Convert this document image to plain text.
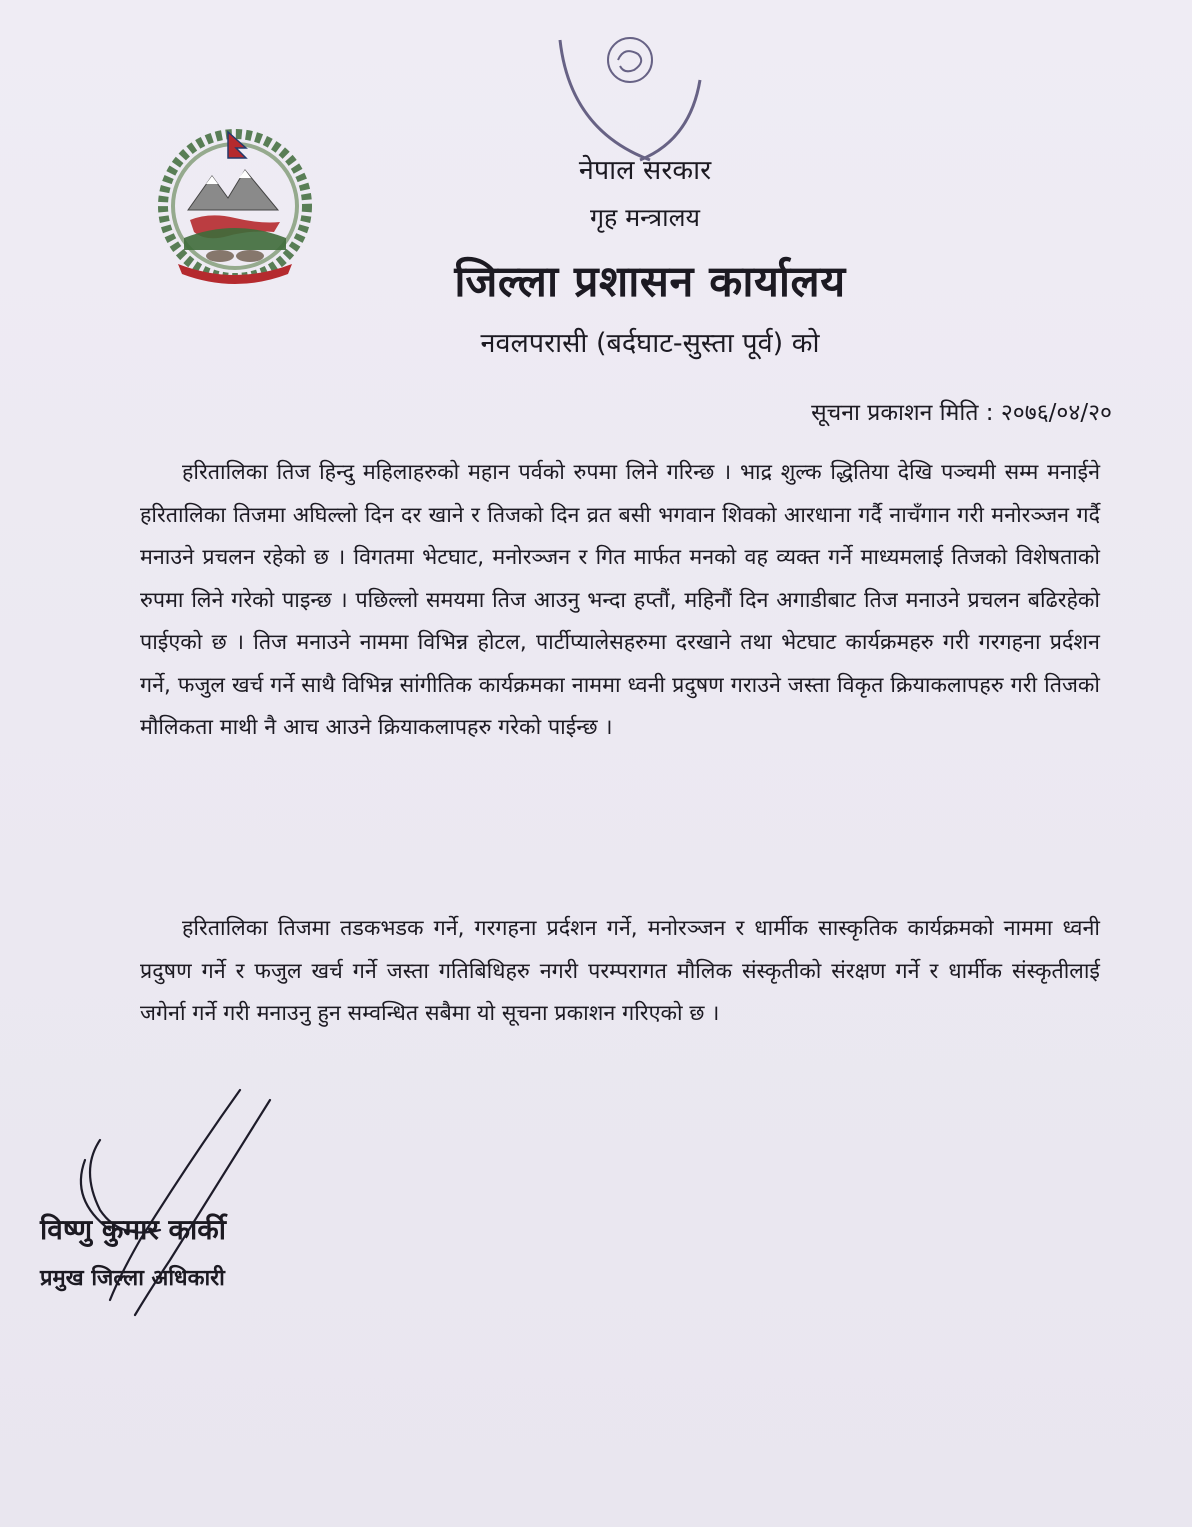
नेपाल सरकार
गृह मन्त्रालय
जिल्ला प्रशासन कार्यालय
नवलपरासी (बर्दघाट-सुस्ता पूर्व) को
सूचना प्रकाशन मिति : २०७६/०४/२०

हरितालिका तिज हिन्दु महिलाहरुको महान पर्वको रुपमा लिने गरिन्छ । भाद्र शुल्क द्धितिया देखि पञ्चमी सम्म मनाईने हरितालिका तिजमा अघिल्लो दिन दर खाने र तिजको दिन व्रत बसी भगवान शिवको आरधाना गर्दै नाचँगान गरी मनोरञ्जन गर्दै मनाउने प्रचलन रहेको छ । विगतमा भेटघाट, मनोरञ्जन र गित मार्फत मनको वह व्यक्त गर्ने माध्यमलाई तिजको विशेषताको रुपमा लिने गरेको पाइन्छ । पछिल्लो समयमा तिज आउनु भन्दा हप्तौं, महिनौं दिन अगाडीबाट तिज मनाउने प्रचलन बढिरहेको पाईएको छ । तिज मनाउने नाममा विभिन्न होटल, पार्टीप्यालेसहरुमा दरखाने तथा भेटघाट कार्यक्रमहरु गरी गरगहना प्रर्दशन गर्ने, फजुल खर्च गर्ने साथै विभिन्न सांगीतिक कार्यक्रमका नाममा ध्वनी प्रदुषण गराउने जस्ता विकृत क्रियाकलापहरु गरी तिजको मौलिकता माथी नै आच आउने क्रियाकलापहरु गरेको पाईन्छ ।

हरितालिका तिजमा तडकभडक गर्ने, गरगहना प्रर्दशन गर्ने, मनोरञ्जन र धार्मीक सास्कृतिक कार्यक्रमको नाममा ध्वनी प्रदुषण गर्ने र फजुल खर्च गर्ने जस्ता गतिबिधिहरु नगरी परम्परागत मौलिक संस्कृतीको संरक्षण गर्ने र धार्मीक संस्कृतीलाई जगेर्ना गर्ने गरी मनाउनु हुन सम्वन्धित सबैमा यो सूचना प्रकाशन गरिएको छ ।

विष्णु कुमार कार्की
प्रमुख जिल्ला अधिकारी
